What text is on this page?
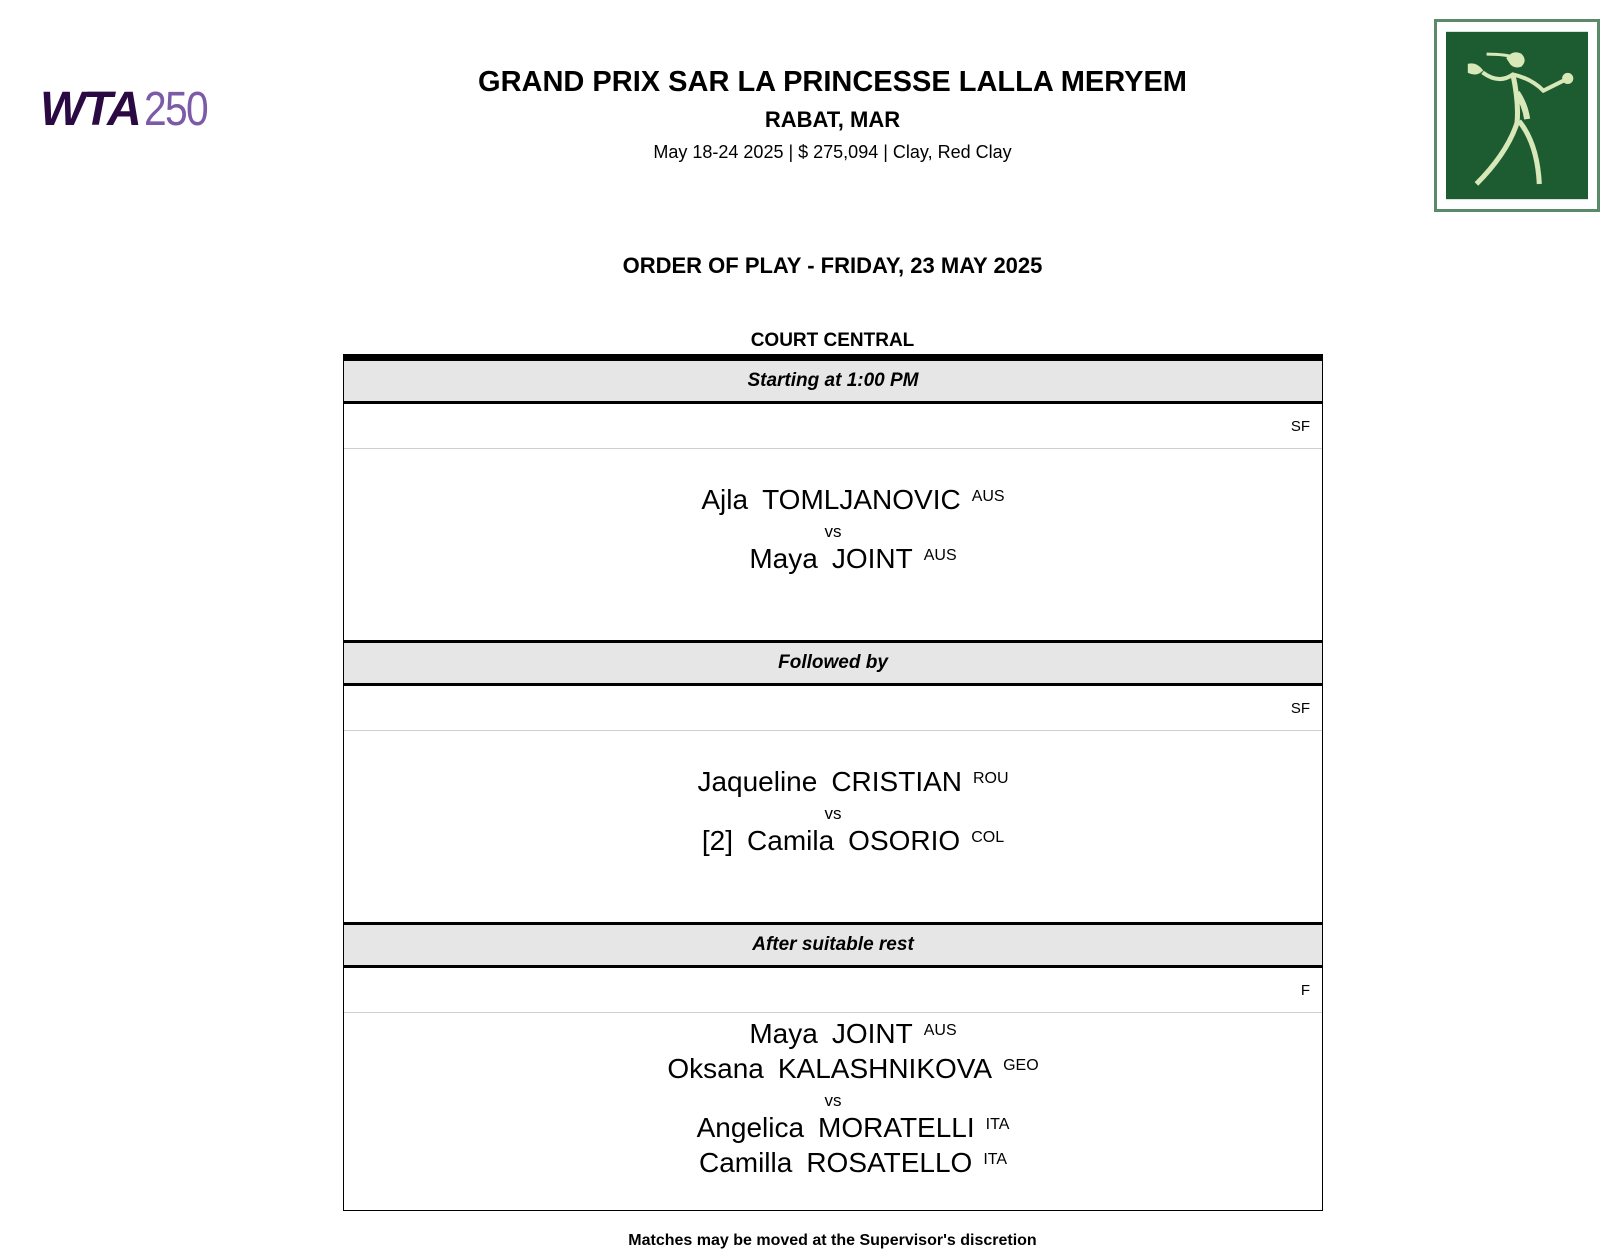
WTA250
GRAND PRIX SAR LA PRINCESSE LALLA MERYEM
RABAT, MAR
May 18-24 2025 | $ 275,094 | Clay, Red Clay
ORDER OF PLAY - FRIDAY, 23 MAY 2025
COURT CENTRAL
Starting at 1:00 PM
SF
Ajla TOMLJANOVIC AUS
vs
Maya JOINT AUS
Followed by
SF
Jaqueline CRISTIAN ROU
vs
[2] Camila OSORIO COL
After suitable rest
F
Maya JOINT AUS
Oksana KALASHNIKOVA GEO
vs
Angelica MORATELLI ITA
Camilla ROSATELLO ITA
Matches may be moved at the Supervisor's discretion
